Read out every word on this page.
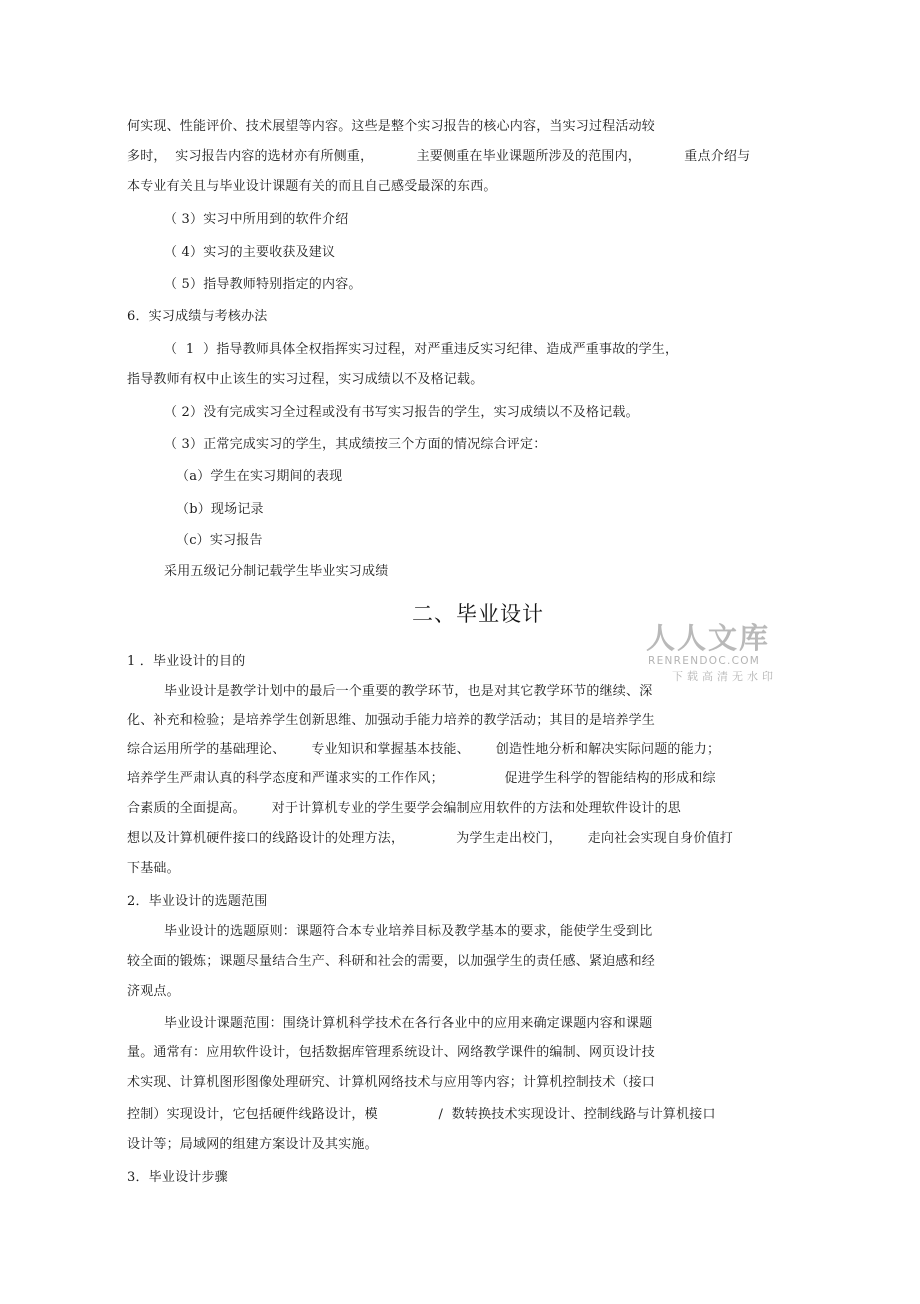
何实现、性能评价、技术展望等内容。这些是整个实习报告的核心内容，当实习过程活动较
多时，  实习报告内容的选材亦有所侧重，          主要侧重在毕业课题所涉及的范围内，          重点介绍与
本专业有关且与毕业设计课题有关的而且自己感受最深的东西。
（ 3）实习中所用到的软件介绍
（ 4）实习的主要收获及建议
（ 5）指导教师特别指定的内容。
6．实习成绩与考核办法
（  1  ）指导教师具体全权指挥实习过程，对严重违反实习纪律、造成严重事故的学生，
指导教师有权中止该生的实习过程，实习成绩以不及格记载。
（ 2）没有完成实习全过程或没有书写实习报告的学生，实习成绩以不及格记载。
（ 3）正常完成实习的学生，其成绩按三个方面的情况综合评定：
（a）学生在实习期间的表现
（b）现场记录
（c）实习报告
采用五级记分制记载学生毕业实习成绩
二、毕业设计
人人文库
RENRENDOC.COM
下载高清无水印
1 ．毕业设计的目的
毕业设计是教学计划中的最后一个重要的教学环节，也是对其它教学环节的继续、深
化、补充和检验；是培养学生创新思维、加强动手能力培养的教学活动；其目的是培养学生
综合运用所学的基础理论、      专业知识和掌握基本技能、      创造性地分析和解决实际问题的能力；
培养学生严肃认真的科学态度和严谨求实的工作作风；              促进学生科学的智能结构的形成和综
合素质的全面提高。      对于计算机专业的学生要学会编制应用软件的方法和处理软件设计的思
想以及计算机硬件接口的线路设计的处理方法，            为学生走出校门，      走向社会实现自身价值打
下基础。
2．毕业设计的选题范围
毕业设计的选题原则：课题符合本专业培养目标及教学基本的要求，能使学生受到比
较全面的锻炼；课题尽量结合生产、科研和社会的需要，以加强学生的责任感、紧迫感和经
济观点。
毕业设计课题范围：围绕计算机科学技术在各行各业中的应用来确定课题内容和课题
量。通常有：应用软件设计，包括数据库管理系统设计、网络教学课件的编制、网页设计技
术实现、计算机图形图像处理研究、计算机网络技术与应用等内容；计算机控制技术（接口
控制）实现设计，它包括硬件线路设计，模              /  数转换技术实现设计、控制线路与计算机接口
设计等；局域网的组建方案设计及其实施。
3．毕业设计步骤
